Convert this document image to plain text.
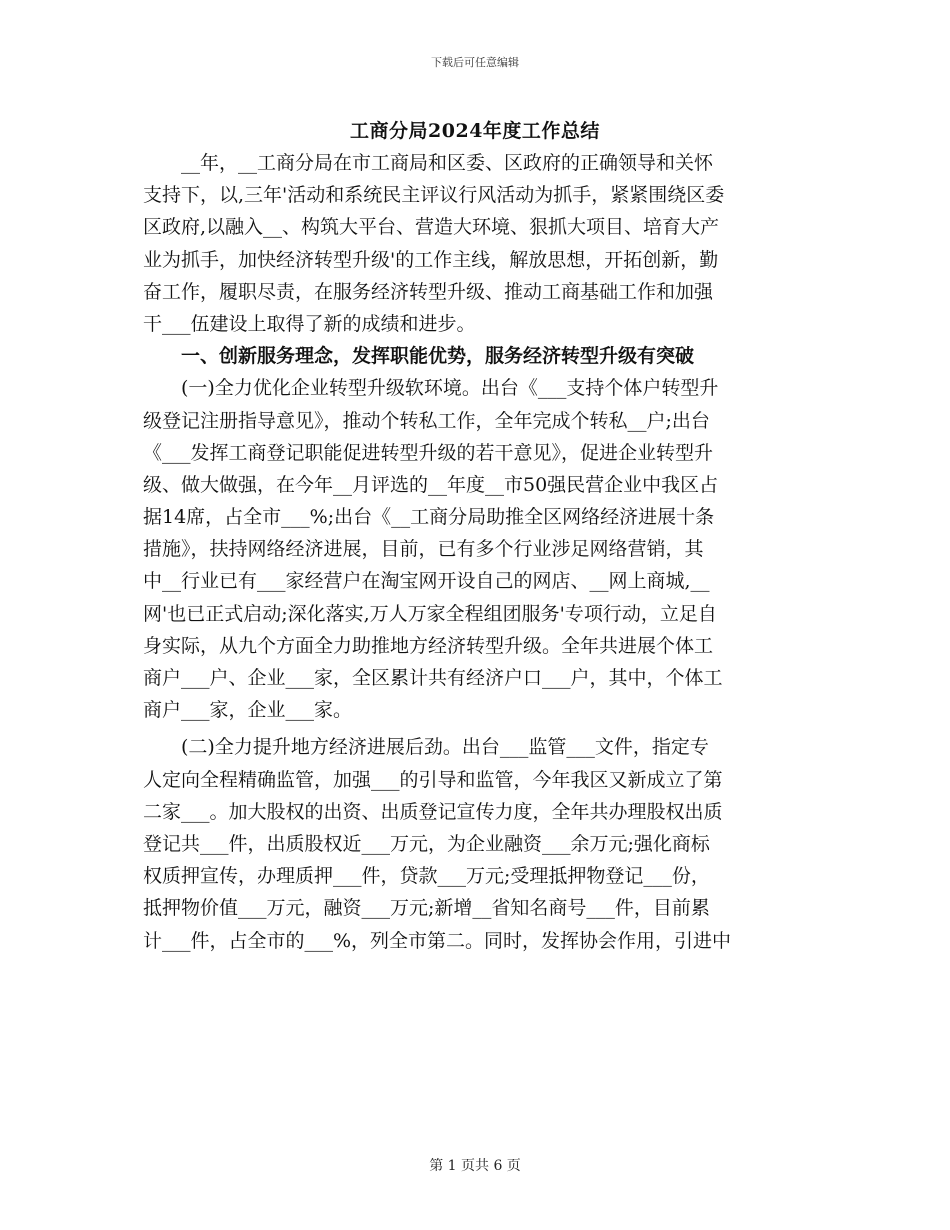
下载后可任意编辑
工商分局2024年度工作总结
　　__年，__工商分局在市工商局和区委、区政府的正确领导和关怀
支持下，以,三年'活动和系统民主评议行风活动为抓手，紧紧围绕区委
区政府,以融入__、构筑大平台、营造大环境、狠抓大项目、培育大产
业为抓手，加快经济转型升级'的工作主线，解放思想，开拓创新，勤
奋工作，履职尽责，在服务经济转型升级、推动工商基础工作和加强
干___伍建设上取得了新的成绩和进步。
　　一、创新服务理念，发挥职能优势，服务经济转型升级有突破
　　(一)全力优化企业转型升级软环境。出台《___支持个体户转型升
级登记注册指导意见》，推动个转私工作，全年完成个转私__户;出台
《___发挥工商登记职能促进转型升级的若干意见》，促进企业转型升
级、做大做强，在今年__月评选的__年度__市50强民营企业中我区占
据14席，占全市___%;出台《__工商分局助推全区网络经济进展十条
措施》，扶持网络经济进展，目前，已有多个行业涉足网络营销，其
中__行业已有___家经营户在淘宝网开设自己的网店、__网上商城,__
网'也已正式启动;深化落实,万人万家全程组团服务'专项行动，立足自
身实际，从九个方面全力助推地方经济转型升级。全年共进展个体工
商户___户、企业___家，全区累计共有经济户口___户，其中，个体工
商户___家，企业___家。
　　(二)全力提升地方经济进展后劲。出台___监管___文件，指定专
人定向全程精确监管，加强___的引导和监管，今年我区又新成立了第
二家___。加大股权的出资、出质登记宣传力度，全年共办理股权出质
登记共___件，出质股权近___万元，为企业融资___余万元;强化商标
权质押宣传，办理质押___件，贷款___万元;受理抵押物登记___份，
抵押物价值___万元，融资___万元;新增__省知名商号___件，目前累
计___件，占全市的___%，列全市第二。同时，发挥协会作用，引进中
第 1 页共 6 页
